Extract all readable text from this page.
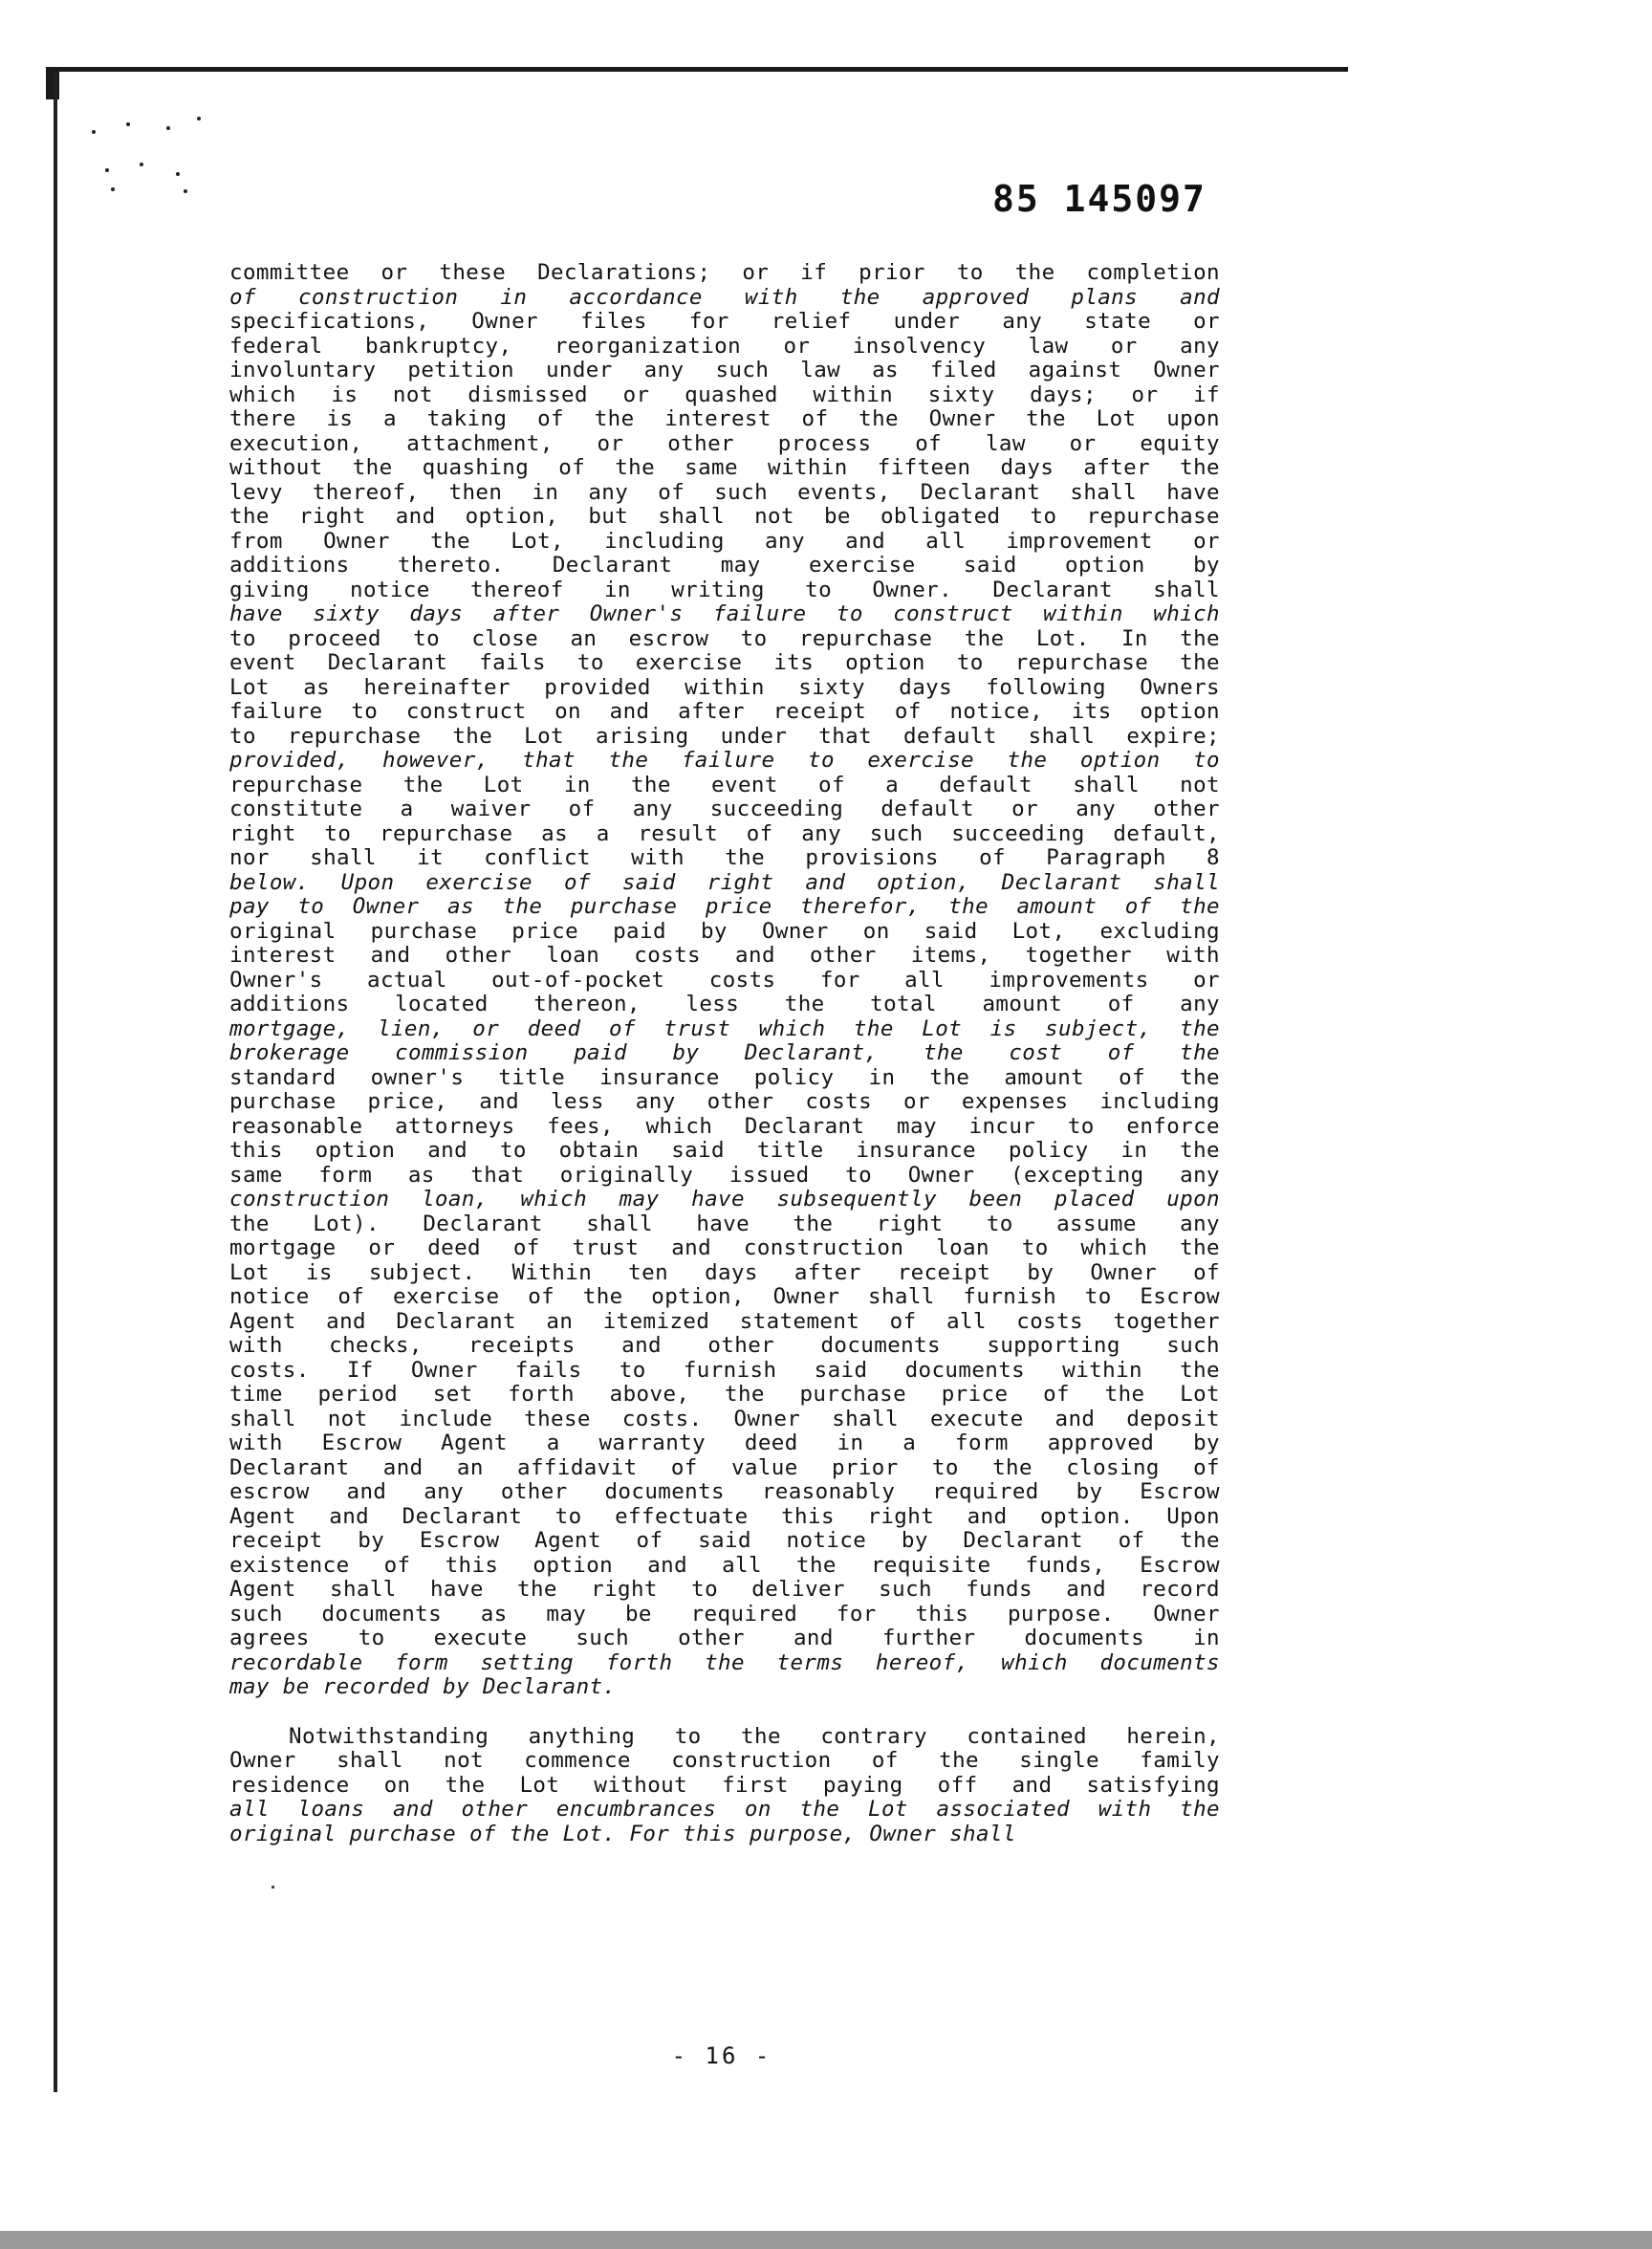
85 145097
committee or these Declarations; or if prior to the completion
of construction in accordance with the approved plans and
specifications, Owner files for relief under any state or
federal bankruptcy, reorganization or insolvency law or any
involuntary petition under any such law as filed against Owner
which is not dismissed or quashed within sixty days; or if
there is a taking of the interest of the Owner the Lot upon
execution, attachment, or other process of law or equity
without the quashing of the same within fifteen days after the
levy thereof, then in any of such events, Declarant shall have
the right and option, but shall not be obligated to repurchase
from Owner the Lot, including any and all improvement or
additions thereto. Declarant may exercise said option by
giving notice thereof in writing to Owner. Declarant shall
have sixty days after Owner's failure to construct within which
to proceed to close an escrow to repurchase the Lot. In the
event Declarant fails to exercise its option to repurchase the
Lot as hereinafter provided within sixty days following Owners
failure to construct on and after receipt of notice, its option
to repurchase the Lot arising under that default shall expire;
provided, however, that the failure to exercise the option to
repurchase the Lot in the event of a default shall not
constitute a waiver of any succeeding default or any other
right to repurchase as a result of any such succeeding default,
nor shall it conflict with the provisions of Paragraph 8
below. Upon exercise of said right and option, Declarant shall
pay to Owner as the purchase price therefor, the amount of the
original purchase price paid by Owner on said Lot, excluding
interest and other loan costs and other items, together with
Owner's actual out-of-pocket costs for all improvements or
additions located thereon, less the total amount of any
mortgage, lien, or deed of trust which the Lot is subject, the
brokerage commission paid by Declarant, the cost of the
standard owner's title insurance policy in the amount of the
purchase price, and less any other costs or expenses including
reasonable attorneys fees, which Declarant may incur to enforce
this option and to obtain said title insurance policy in the
same form as that originally issued to Owner (excepting any
construction loan, which may have subsequently been placed upon
the Lot). Declarant shall have the right to assume any
mortgage or deed of trust and construction loan to which the
Lot is subject. Within ten days after receipt by Owner of
notice of exercise of the option, Owner shall furnish to Escrow
Agent and Declarant an itemized statement of all costs together
with checks, receipts and other documents supporting such
costs. If Owner fails to furnish said documents within the
time period set forth above, the purchase price of the Lot
shall not include these costs. Owner shall execute and deposit
with Escrow Agent a warranty deed in a form approved by
Declarant and an affidavit of value prior to the closing of
escrow and any other documents reasonably required by Escrow
Agent and Declarant to effectuate this right and option. Upon
receipt by Escrow Agent of said notice by Declarant of the
existence of this option and all the requisite funds, Escrow
Agent shall have the right to deliver such funds and record
such documents as may be required for this purpose. Owner
agrees to execute such other and further documents in
recordable form setting forth the terms hereof, which documents
may be recorded by Declarant.
Notwithstanding anything to the contrary contained herein,
Owner shall not commence construction of the single family
residence on the Lot without first paying off and satisfying
all loans and other encumbrances on the Lot associated with the
original purchase of the Lot. For this purpose, Owner shall
- 16 -
